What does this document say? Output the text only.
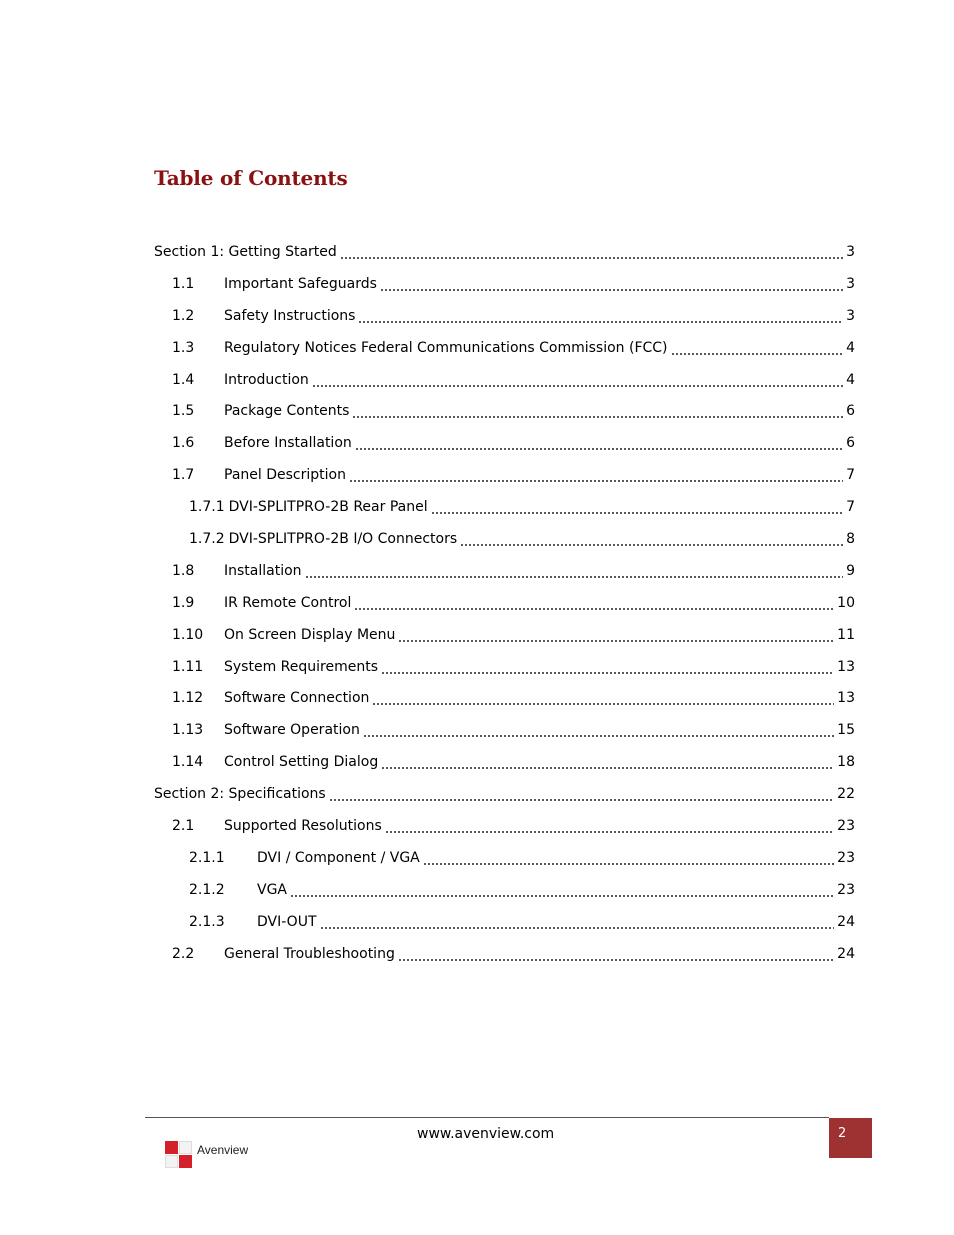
Table of Contents
Section 1: Getting Started	3
1.1	Important Safeguards	3
1.2	Safety Instructions	3
1.3	Regulatory Notices Federal Communications Commission (FCC)	4
1.4	Introduction	4
1.5	Package Contents	6
1.6	Before Installation	6
1.7	Panel Description	7
1.7.1 DVI-SPLITPRO-2B Rear Panel	7
1.7.2 DVI-SPLITPRO-2B I/O Connectors	8
1.8	Installation	9
1.9	IR Remote Control	10
1.10	On Screen Display Menu	11
1.11	System Requirements	13
1.12	Software Connection	13
1.13	Software Operation	15
1.14	Control Setting Dialog	18
Section 2: Specifications	22
2.1	Supported Resolutions	23
2.1.1	DVI / Component / VGA	23
2.1.2	VGA	23
2.1.3	DVI-OUT	24
2.2	General Troubleshooting	24
Avenview
www.avenview.com	2
